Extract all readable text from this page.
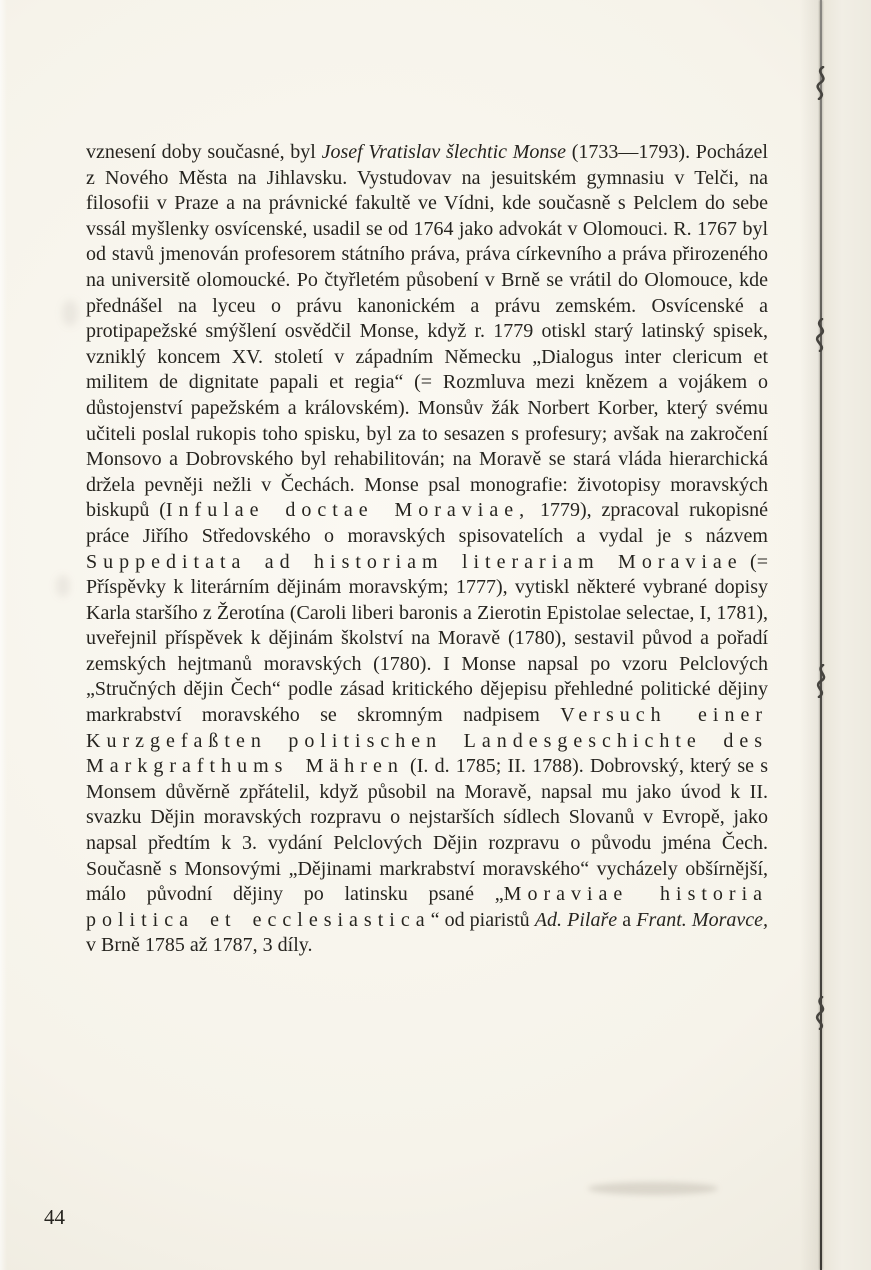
vznesení doby současné, byl Josef Vratislav šlechtic Monse (1733—1793). Pocházel z Nového Města na Jihlavsku. Vystudovav na jesuitském gymnasiu v Telči, na filosofii v Praze a na právnické fakultě ve Vídni, kde současně s Pelclem do sebe vssál myšlenky osvícenské, usadil se od 1764 jako advokát v Olomouci. R. 1767 byl od stavů jmenován profesorem státního práva, práva církevního a práva přirozeného na universitě olomoucké. Po čtyřletém působení v Brně se vrátil do Olomouce, kde přednášel na lyceu o právu kanonickém a právu zemském. Osvícenské a protipapežské smýšlení osvědčil Monse, když r. 1779 otiskl starý latinský spisek, vzniklý koncem XV. století v západním Německu „Dialogus inter clericum et militem de dignitate papali et regia“ (= Rozmluva mezi knězem a vojákem o důstojenství papežském a královském). Monsův žák Norbert Korber, který svému učiteli poslal rukopis toho spisku, byl za to sesazen s profesury; avšak na zakročení Monsovo a Dobrovského byl rehabilitován; na Moravě se stará vláda hierarchická držela pevněji nežli v Čechách. Monse psal monografie: životopisy moravských biskupů (Infulae doctae Moraviae, 1779), zpracoval rukopisné práce Jiřího Středovského o moravských spisovatelích a vydal je s názvem Suppeditata ad historiam literariam Moraviae (= Příspěvky k literárním dějinám moravským; 1777), vytiskl některé vybrané dopisy Karla staršího z Žerotína (Caroli liberi baronis a Zierotin Epistolae selectae, I, 1781), uveřejnil příspěvek k dějinám školství na Moravě (1780), sestavil původ a pořadí zemských hejtmanů moravských (1780). I Monse napsal po vzoru Pelclových „Stručných dějin Čech“ podle zásad kritického dějepisu přehledné politické dějiny markrabství moravského se skromným nadpisem Versuch einer Kurzgefaßten politischen Landesgeschichte des Markgrafthums Mähren (I. d. 1785; II. 1788). Dobrovský, který se s Monsem důvěrně zpřátelil, když působil na Moravě, napsal mu jako úvod k II. svazku Dějin moravských rozpravu o nejstarších sídlech Slovanů v Evropě, jako napsal předtím k 3. vydání Pelclových Dějin rozpravu o původu jména Čech. Současně s Monsovými „Dějinami markrabství moravského“ vycházely obšírnější, málo původní dějiny po latinsku psané „Moraviae historia politica et ecclesiastica“ od piaristů Ad. Pilaře a Frant. Moravce, v Brně 1785 až 1787, 3 díly.

44
